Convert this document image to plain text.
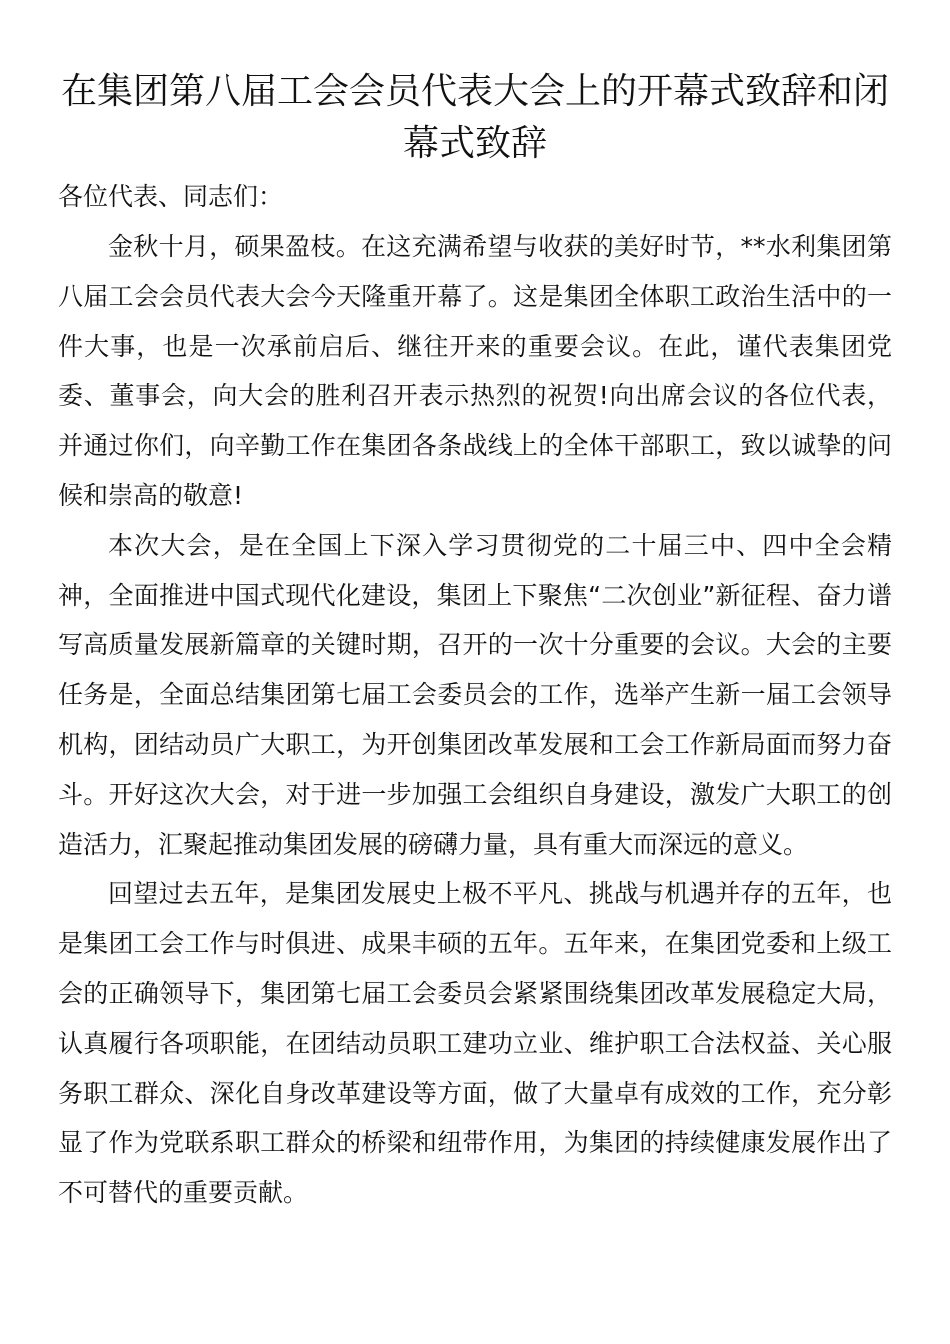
在集团第八届工会会员代表大会上的开幕式致辞和闭幕式致辞

各位代表、同志们：

金秋十月，硕果盈枝。在这充满希望与收获的美好时节，**水利集团第八届工会会员代表大会今天隆重开幕了。这是集团全体职工政治生活中的一件大事，也是一次承前启后、继往开来的重要会议。在此，谨代表集团党委、董事会，向大会的胜利召开表示热烈的祝贺!向出席会议的各位代表，并通过你们，向辛勤工作在集团各条战线上的全体干部职工，致以诚挚的问候和崇高的敬意!

本次大会，是在全国上下深入学习贯彻党的二十届三中、四中全会精神，全面推进中国式现代化建设，集团上下聚焦“二次创业”新征程、奋力谱写高质量发展新篇章的关键时期，召开的一次十分重要的会议。大会的主要任务是，全面总结集团第七届工会委员会的工作，选举产生新一届工会领导机构，团结动员广大职工，为开创集团改革发展和工会工作新局面而努力奋斗。开好这次大会，对于进一步加强工会组织自身建设，激发广大职工的创造活力，汇聚起推动集团发展的磅礴力量，具有重大而深远的意义。

回望过去五年，是集团发展史上极不平凡、挑战与机遇并存的五年，也是集团工会工作与时俱进、成果丰硕的五年。五年来，在集团党委和上级工会的正确领导下，集团第七届工会委员会紧紧围绕集团改革发展稳定大局，认真履行各项职能，在团结动员职工建功立业、维护职工合法权益、关心服务职工群众、深化自身改革建设等方面，做了大量卓有成效的工作，充分彰显了作为党联系职工群众的桥梁和纽带作用，为集团的持续健康发展作出了不可替代的重要贡献。
